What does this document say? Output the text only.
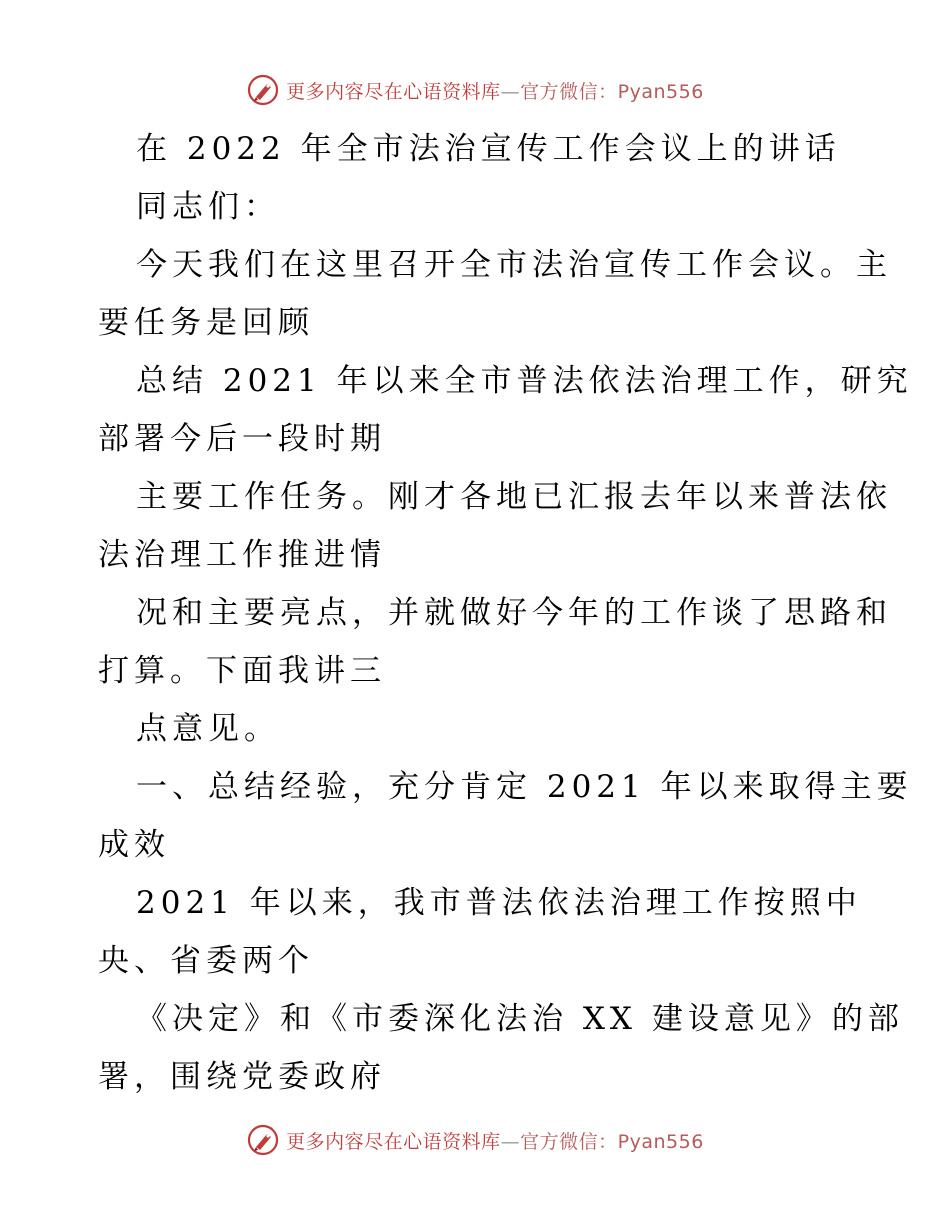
更多内容尽在心语资料库—官方微信：Pyan556
在 2022 年全市法治宣传工作会议上的讲话
同志们：
今天我们在这里召开全市法治宣传工作会议。主
要任务是回顾
总结 2021 年以来全市普法依法治理工作，研究
部署今后一段时期
主要工作任务。刚才各地已汇报去年以来普法依
法治理工作推进情
况和主要亮点，并就做好今年的工作谈了思路和
打算。下面我讲三
点意见。
一、总结经验，充分肯定 2021 年以来取得主要
成效
2021 年以来，我市普法依法治理工作按照中
央、省委两个
《决定》和《市委深化法治 XX 建设意见》的部
署，围绕党委政府
更多内容尽在心语资料库—官方微信：Pyan556
